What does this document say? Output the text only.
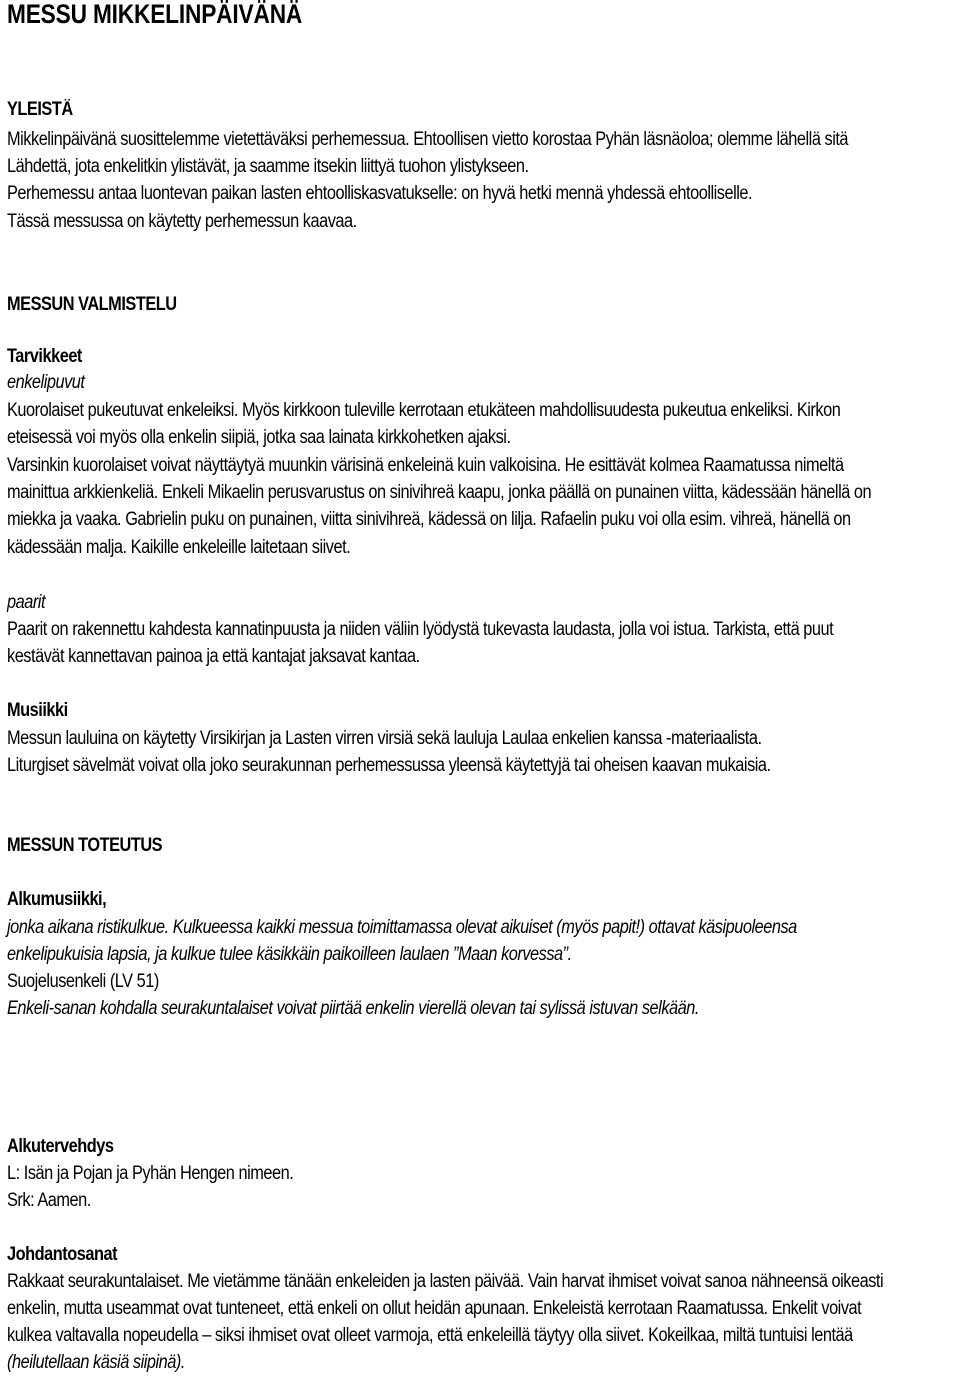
MESSU MIKKELINPÄIVÄNÄ
YLEISTÄ
Mikkelinpäivänä suosittelemme vietettäväksi perhemessua. Ehtoollisen vietto korostaa Pyhän läsnäoloa; olemme lähellä sitä
Lähdettä, jota enkelitkin ylistävät, ja saamme itsekin liittyä tuohon ylistykseen.
Perhemessu antaa luontevan paikan lasten ehtoolliskasvatukselle: on hyvä hetki mennä yhdessä ehtoolliselle.
Tässä messussa on käytetty perhemessun kaavaa.
MESSUN VALMISTELU
Tarvikkeet
enkelipuvut
Kuorolaiset pukeutuvat enkeleiksi. Myös kirkkoon tuleville kerrotaan etukäteen mahdollisuudesta pukeutua enkeliksi. Kirkon
eteisessä voi myös olla enkelin siipiä, jotka saa lainata kirkkohetken ajaksi.
Varsinkin kuorolaiset voivat näyttäytyä muunkin värisinä enkeleinä kuin valkoisina. He esittävät kolmea Raamatussa nimeltä
mainittua arkkienkeliä. Enkeli Mikaelin perusvarustus on sinivihreä kaapu, jonka päällä on punainen viitta, kädessään hänellä on
miekka ja vaaka. Gabrielin puku on punainen, viitta sinivihreä, kädessä on lilja. Rafaelin puku voi olla esim. vihreä, hänellä on
kädessään malja. Kaikille enkeleille laitetaan siivet.
paarit
Paarit on rakennettu kahdesta kannatinpuusta ja niiden väliin lyödystä tukevasta laudasta, jolla voi istua. Tarkista, että puut
kestävät kannettavan painoa ja että kantajat jaksavat kantaa.
Musiikki
Messun lauluina on käytetty Virsikirjan ja Lasten virren virsiä sekä lauluja Laulaa enkelien kanssa -materiaalista.
Liturgiset sävelmät voivat olla joko seurakunnan perhemessussa yleensä käytettyjä tai oheisen kaavan mukaisia.
MESSUN TOTEUTUS
Alkumusiikki,
jonka aikana ristikulkue. Kulkueessa kaikki messua toimittamassa olevat aikuiset (myös papit!) ottavat käsipuoleensa
enkelipukuisia lapsia, ja kulkue tulee käsikkäin paikoilleen laulaen ”Maan korvessa”.
Suojelusenkeli (LV 51)
Enkeli-sanan kohdalla seurakuntalaiset voivat piirtää enkelin vierellä olevan tai sylissä istuvan selkään.
Alkutervehdys
L: Isän ja Pojan ja Pyhän Hengen nimeen.
Srk: Aamen.
Johdantosanat
Rakkaat seurakuntalaiset. Me vietämme tänään enkeleiden ja lasten päivää. Vain harvat ihmiset voivat sanoa nähneensä oikeasti
enkelin, mutta useammat ovat tunteneet, että enkeli on ollut heidän apunaan. Enkeleistä kerrotaan Raamatussa. Enkelit voivat
kulkea valtavalla nopeudella – siksi ihmiset ovat olleet varmoja, että enkeleillä täytyy olla siivet. Kokeilkaa, miltä tuntuisi lentää
(heilutellaan käsiä siipinä).
